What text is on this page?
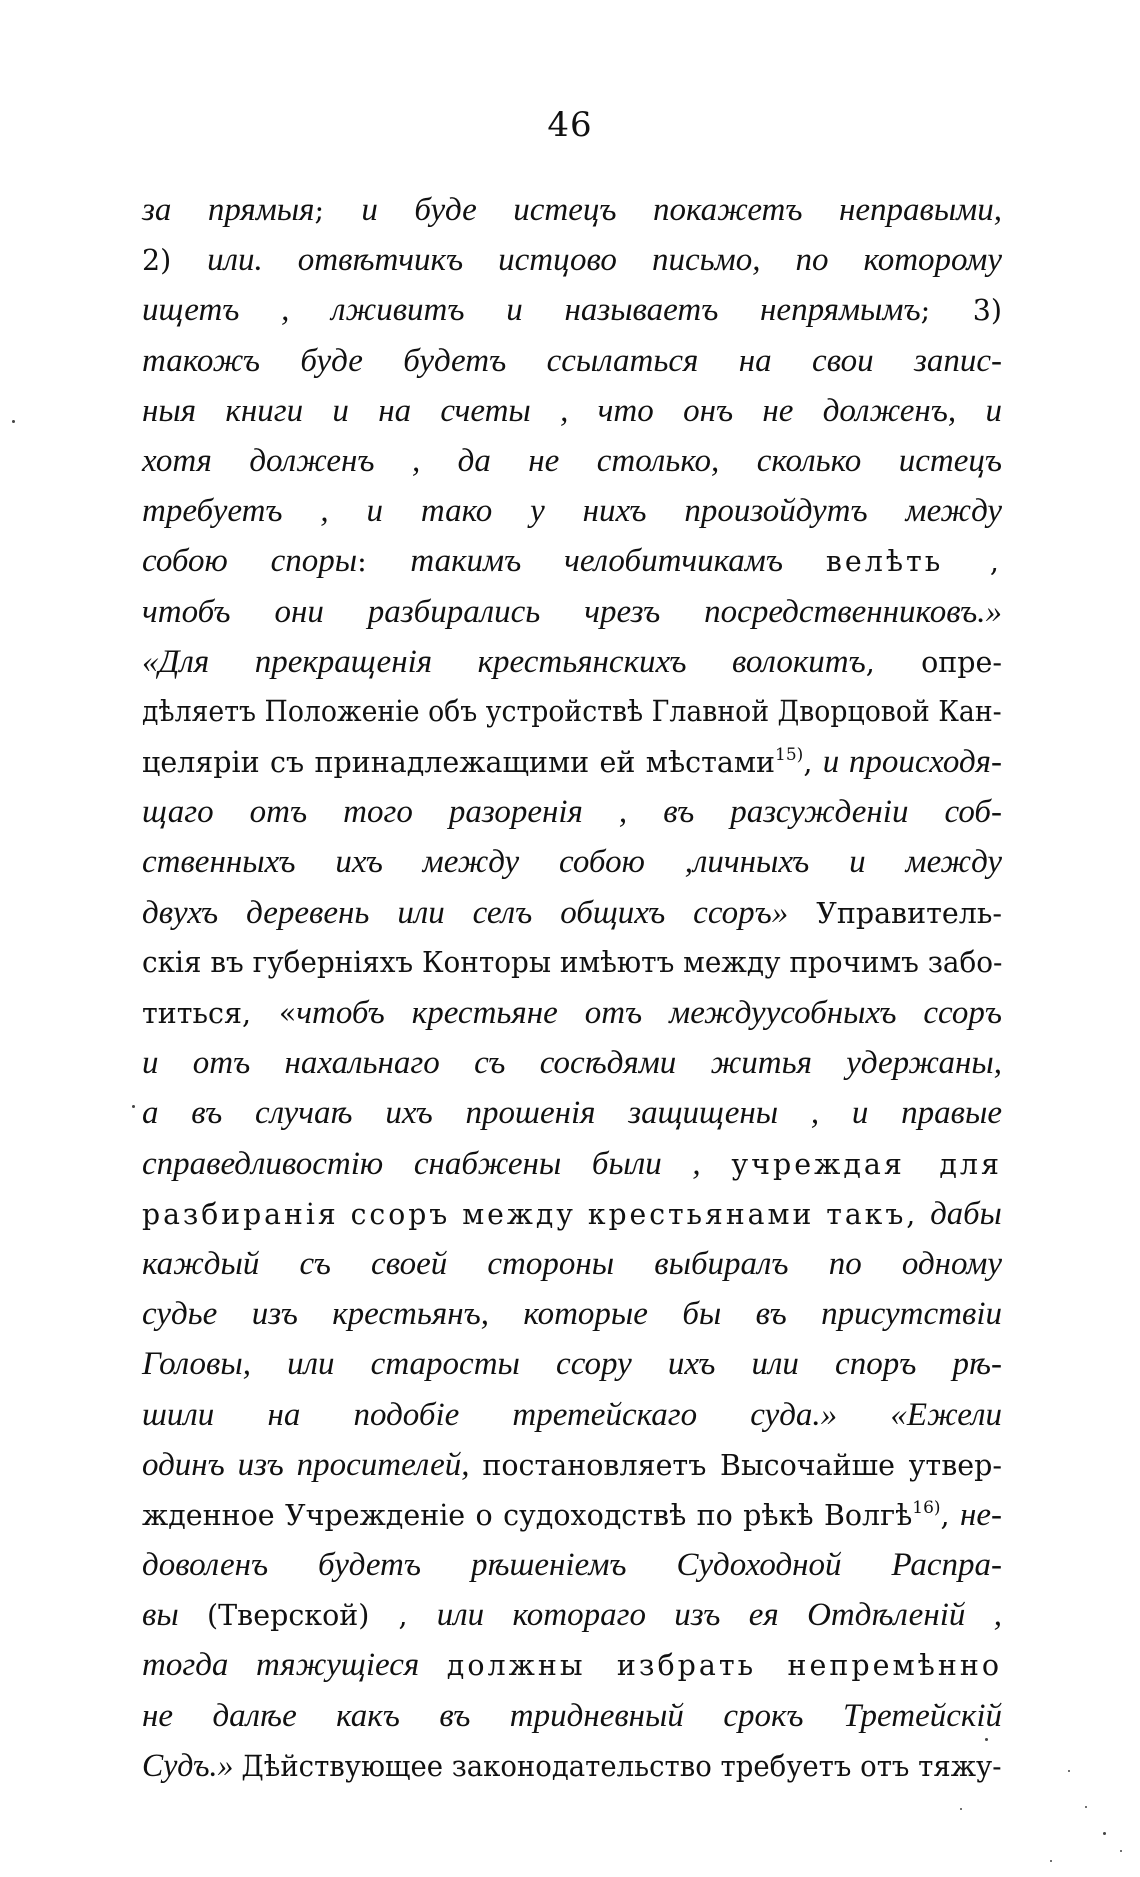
46
за прямыя; и буде истецъ покажетъ неправыми,
2) или. отвѣтчикъ истцово письмо, по которому
ищетъ , лживитъ и называетъ непрямымъ; 3)
такожъ буде будетъ ссылаться на свои запис-
ныя книги и на счеты , что онъ не долженъ, и
хотя долженъ , да не столько, сколько истецъ
требуетъ , и тако у нихъ произойдутъ между
собою споры: такимъ челобитчикамъ велѣть ,
чтобъ они разбирались чрезъ посредственниковъ.»
«Для прекращенія крестьянскихъ волокитъ, опре-
дѣляетъ Положеніе объ устройствѣ Главной Дворцовой Кан-
целяріи съ принадлежащими ей мѣстами$^{15)}$, и происходя-
щаго отъ того разоренія , въ разсужденіи соб-
ственныхъ ихъ между собою ,личныхъ и между
двухъ деревень или селъ общихъ ссоръ» Управитель-
скія въ губерніяхъ Конторы имѣютъ между прочимъ забо-
титься, «чтобъ крестьяне отъ междуусобныхъ ссоръ
и отъ нахальнаго съ сосѣдями житья удержаны,
а въ случаѣ ихъ прошенія защищены , и правые
справедливостію снабжены были , учреждая для
разбиранія ссоръ между крестьянами такъ, дабы
каждый съ своей стороны выбиралъ по одному
судье изъ крестьянъ, которые бы въ присутствіи
Головы, или старосты ссору ихъ или споръ рѣ-
шили на подобіе третейскаго суда.» «Ежели
одинъ изъ просителей, постановляетъ Высочайше утвер-
жденное Учрежденіе о судоходствѣ по рѣкѣ Волгѣ$^{16)}$, не-
доволенъ будетъ рѣшеніемъ Судоходной Распра-
вы (Тверской) , или котораго изъ ея Отдѣленій ,
тогда тяжущіеся должны избрать непремѣнно
не далѣе какъ въ тридневный срокъ Третейскій
Судъ.» Дѣйствующее законодательство требуетъ отъ тяжу-
